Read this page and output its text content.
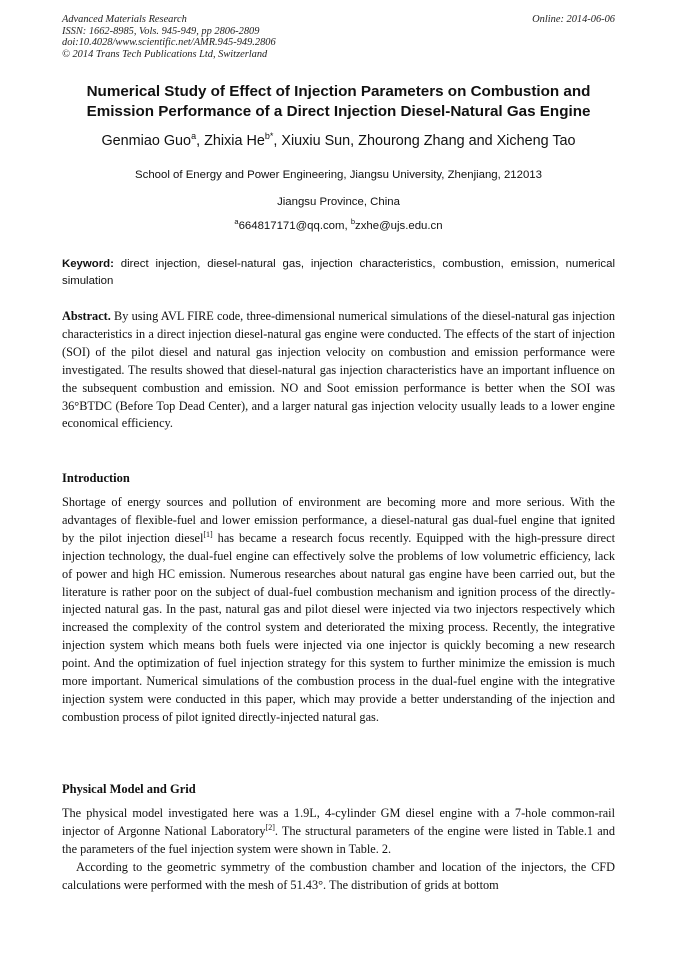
Advanced Materials Research
ISSN: 1662-8985, Vols. 945-949, pp 2806-2809
doi:10.4028/www.scientific.net/AMR.945-949.2806
© 2014 Trans Tech Publications Ltd, Switzerland
Online: 2014-06-06
Numerical Study of Effect of Injection Parameters on Combustion and
Emission Performance of a Direct Injection Diesel-Natural Gas Engine
Genmiao Guo$^a$, Zhixia $He^{b*}$, Xiuxiu Sun, Zhourong Zhang and Xicheng Tao
School of Energy and Power Engineering, Jiangsu University, Zhenjiang, 212013
Jiangsu Province, China
$^a$664817171@qq.com, $^b$zxhe@ujs.edu.cn
Keyword: direct injection, diesel-natural gas, injection characteristics, combustion, emission, numerical simulation
Abstract. By using AVL FIRE code, three-dimensional numerical simulations of the diesel-natural gas injection characteristics in a direct injection diesel-natural gas engine were conducted. The effects of the start of injection (SOI) of the pilot diesel and natural gas injection velocity on combustion and emission performance were investigated. The results showed that diesel-natural gas injection characteristics have an important influence on the subsequent combustion and emission. NO and Soot emission performance is better when the SOI was 36°BTDC (Before Top Dead Center), and a larger natural gas injection velocity usually leads to a lower engine economical efficiency.
Introduction
Shortage of energy sources and pollution of environment are becoming more and more serious. With the advantages of flexible-fuel and lower emission performance, a diesel-natural gas dual-fuel engine that ignited by the pilot injection diesel[1] has became a research focus recently. Equipped with the high-pressure direct injection technology, the dual-fuel engine can effectively solve the problems of low volumetric efficiency, lack of power and high HC emission. Numerous researches about natural gas engine have been carried out, but the literature is rather poor on the subject of dual-fuel combustion mechanism and ignition process of the directly-injected natural gas. In the past, natural gas and pilot diesel were injected via two injectors respectively which increased the complexity of the control system and deteriorated the mixing process. Recently, the integrative injection system which means both fuels were injected via one injector is quickly becoming a new research point. And the optimization of fuel injection strategy for this system to further minimize the emission is much more important. Numerical simulations of the combustion process in the dual-fuel engine with the integrative injection system were conducted in this paper, which may provide a better understanding of the injection and combustion process of pilot ignited directly-injected natural gas.
Physical Model and Grid
The physical model investigated here was a 1.9L, 4-cylinder GM diesel engine with a 7-hole common-rail injector of Argonne National Laboratory[2]. The structural parameters of the engine were listed in Table.1 and the parameters of the fuel injection system were shown in Table. 2.
According to the geometric symmetry of the combustion chamber and location of the injectors, the CFD calculations were performed with the mesh of 51.43°. The distribution of grids at bottom
